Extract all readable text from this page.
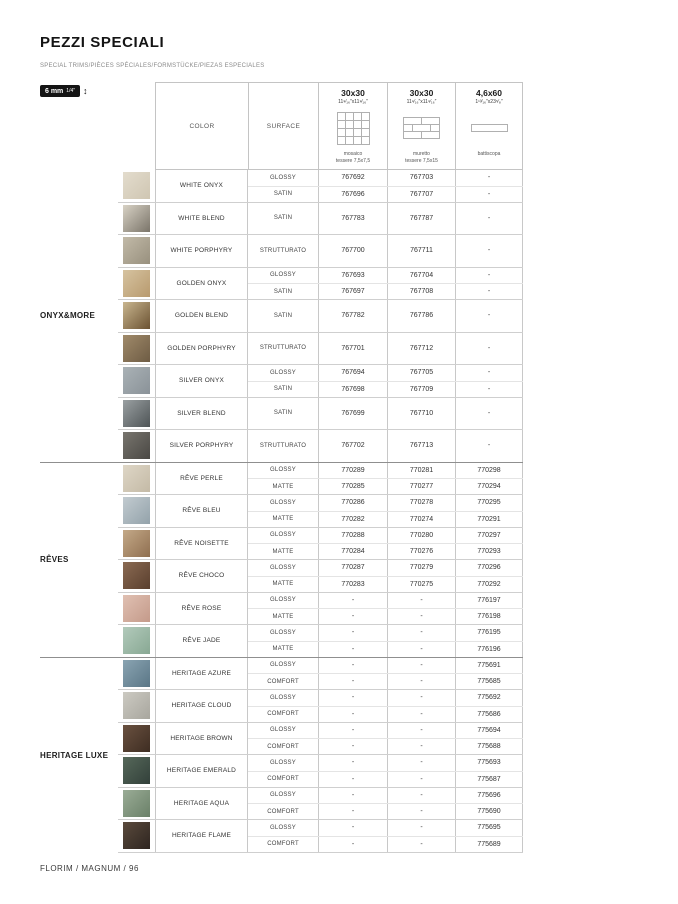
PEZZI SPECIALI
SPECIAL TRIMS/PIÈCES SPÉCIALES/FORMSTÜCKE/PIEZAS ESPECIALES
6 mm 1/4″ ↕
COLOR	SURFACE
30x30
11⁹⁄₁₆″x11⁹⁄₁₆″
mosaico
tessere 7,5x7,5
30x30
11⁹⁄₁₆″x11⁹⁄₁₆″
muretto
tessere 7,5x15
4,6x60
1¹³⁄₁₆″x23⁵⁄₈″
battiscopa
ONYX&MORE
WHITE ONYX
GLOSSY	767692	767703	-
SATIN	767696	767707	-
WHITE BLEND	SATIN	767783	767787	-
WHITE PORPHYRY	STRUTTURATO	767700	767711	-
GOLDEN ONYX
GLOSSY	767693	767704	-
SATIN	767697	767708	-
GOLDEN BLEND	SATIN	767782	767786	-
GOLDEN PORPHYRY	STRUTTURATO	767701	767712	-
SILVER ONYX
GLOSSY	767694	767705	-
SATIN	767698	767709	-
SILVER BLEND	SATIN	767699	767710	-
SILVER PORPHYRY	STRUTTURATO	767702	767713	-
RÊVES
RÊVE PERLE
GLOSSY	770289	770281	770298
MATTE	770285	770277	770294
RÊVE BLEU
GLOSSY	770286	770278	770295
MATTE	770282	770274	770291
RÊVE NOISETTE
GLOSSY	770288	770280	770297
MATTE	770284	770276	770293
RÊVE CHOCO
GLOSSY	770287	770279	770296
MATTE	770283	770275	770292
RÊVE ROSE
GLOSSY	-	-	776197
MATTE	-	-	776198
RÊVE JADE
GLOSSY	-	-	776195
MATTE	-	-	776196
HERITAGE LUXE
HERITAGE AZURE
GLOSSY	-	-	775691
COMFORT	-	-	775685
HERITAGE CLOUD
GLOSSY	-	-	775692
COMFORT	-	-	775686
HERITAGE BROWN
GLOSSY	-	-	775694
COMFORT	-	-	775688
HERITAGE EMERALD
GLOSSY	-	-	775693
COMFORT	-	-	775687
HERITAGE AQUA
GLOSSY	-	-	775696
COMFORT	-	-	775690
HERITAGE FLAME
GLOSSY	-	-	775695
COMFORT	-	-	775689
FLORIM / MAGNUM / 96
